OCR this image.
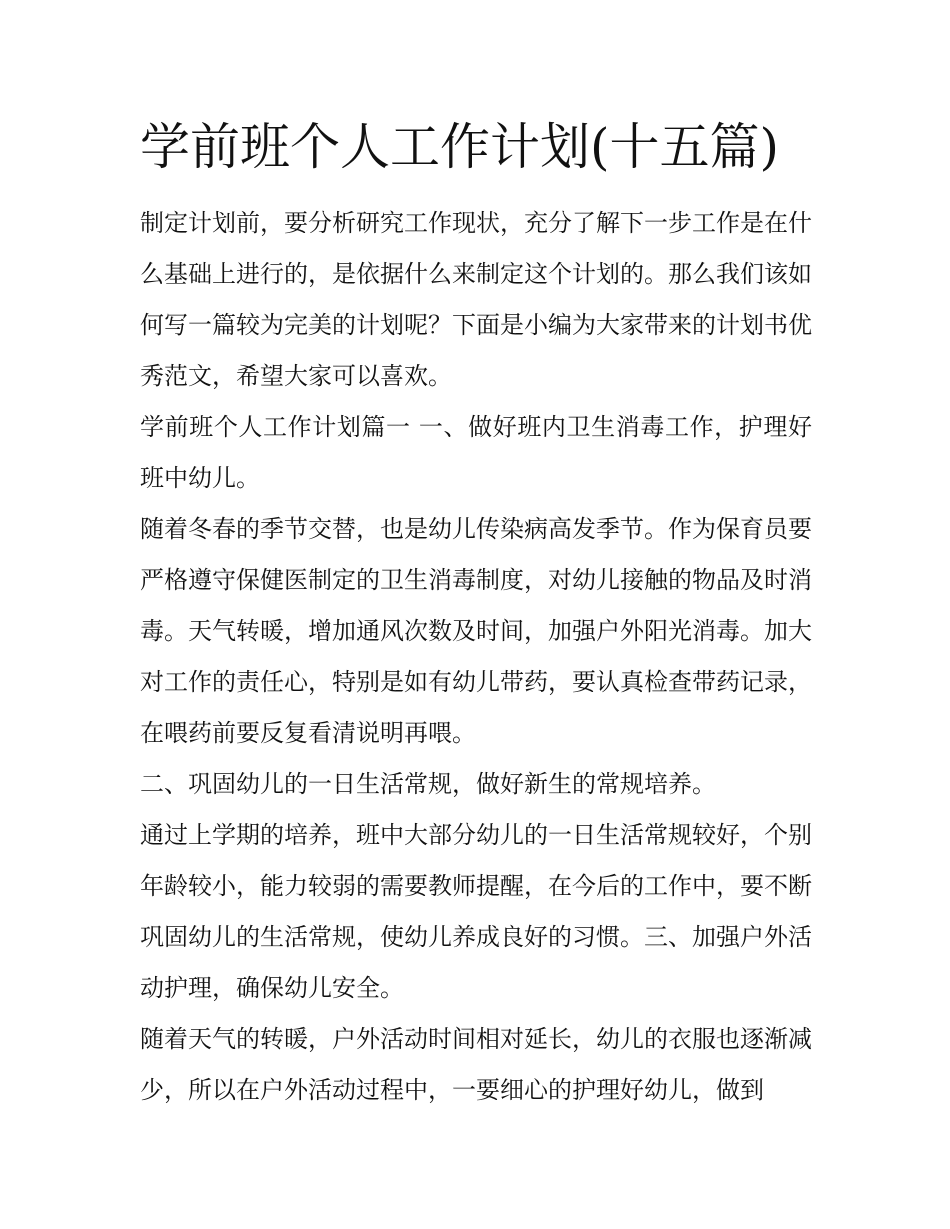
学前班个人工作计划(十五篇)

制定计划前，要分析研究工作现状，充分了解下一步工作是在什么基础上进行的，是依据什么来制定这个计划的。那么我们该如何写一篇较为完美的计划呢？下面是小编为大家带来的计划书优秀范文，希望大家可以喜欢。

学前班个人工作计划篇一 一、做好班内卫生消毒工作，护理好班中幼儿。

随着冬春的季节交替，也是幼儿传染病高发季节。作为保育员要严格遵守保健医制定的卫生消毒制度，对幼儿接触的物品及时消毒。天气转暖，增加通风次数及时间，加强户外阳光消毒。加大对工作的责任心，特别是如有幼儿带药，要认真检查带药记录，在喂药前要反复看清说明再喂。

二、巩固幼儿的一日生活常规，做好新生的常规培养。

通过上学期的培养，班中大部分幼儿的一日生活常规较好，个别年龄较小，能力较弱的需要教师提醒，在今后的工作中，要不断巩固幼儿的生活常规，使幼儿养成良好的习惯。三、加强户外活动护理，确保幼儿安全。

随着天气的转暖，户外活动时间相对延长，幼儿的衣服也逐渐减少，所以在户外活动过程中，一要细心的护理好幼儿，做到
